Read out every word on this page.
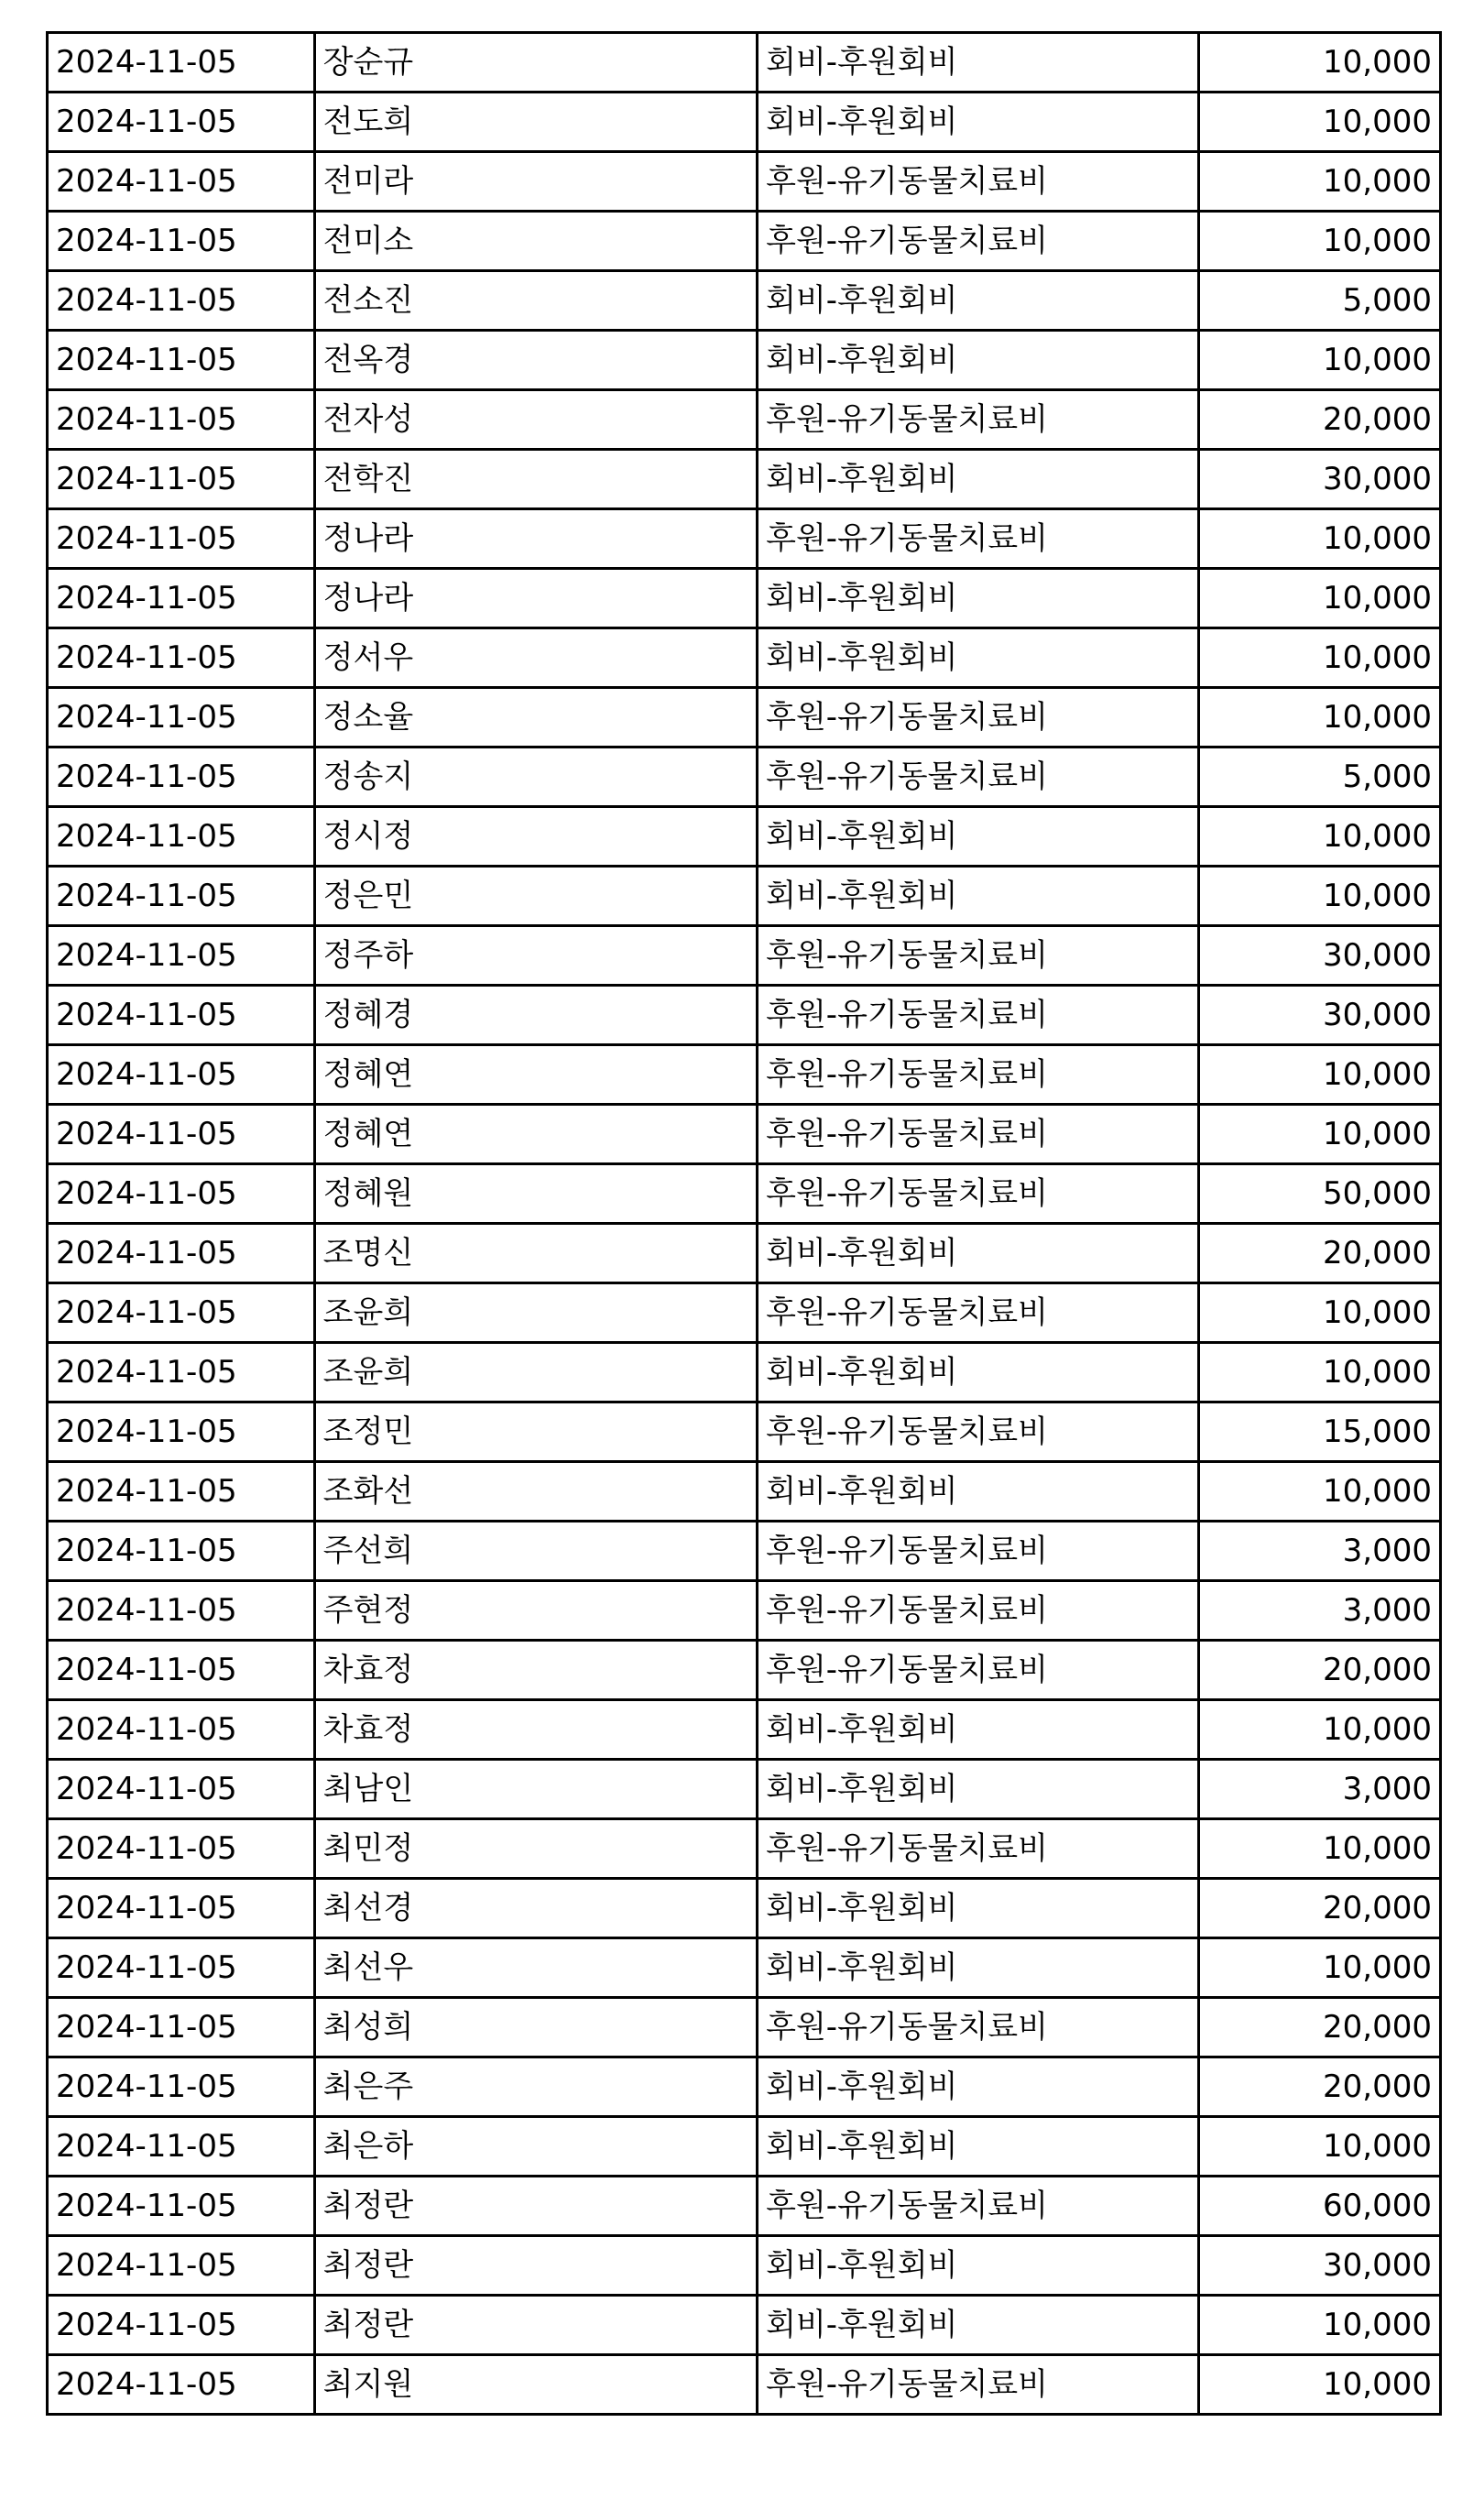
2024-11-05	장순규	회비-후원회비	10,000
2024-11-05	전도희	회비-후원회비	10,000
2024-11-05	전미라	후원-유기동물치료비	10,000
2024-11-05	전미소	후원-유기동물치료비	10,000
2024-11-05	전소진	회비-후원회비	5,000
2024-11-05	전옥경	회비-후원회비	10,000
2024-11-05	전자성	후원-유기동물치료비	20,000
2024-11-05	전학진	회비-후원회비	30,000
2024-11-05	정나라	후원-유기동물치료비	10,000
2024-11-05	정나라	회비-후원회비	10,000
2024-11-05	정서우	회비-후원회비	10,000
2024-11-05	정소율	후원-유기동물치료비	10,000
2024-11-05	정송지	후원-유기동물치료비	5,000
2024-11-05	정시정	회비-후원회비	10,000
2024-11-05	정은민	회비-후원회비	10,000
2024-11-05	정주하	후원-유기동물치료비	30,000
2024-11-05	정혜경	후원-유기동물치료비	30,000
2024-11-05	정혜연	후원-유기동물치료비	10,000
2024-11-05	정혜연	후원-유기동물치료비	10,000
2024-11-05	정혜원	후원-유기동물치료비	50,000
2024-11-05	조명신	회비-후원회비	20,000
2024-11-05	조윤희	후원-유기동물치료비	10,000
2024-11-05	조윤희	회비-후원회비	10,000
2024-11-05	조정민	후원-유기동물치료비	15,000
2024-11-05	조화선	회비-후원회비	10,000
2024-11-05	주선희	후원-유기동물치료비	3,000
2024-11-05	주현정	후원-유기동물치료비	3,000
2024-11-05	차효정	후원-유기동물치료비	20,000
2024-11-05	차효정	회비-후원회비	10,000
2024-11-05	최남인	회비-후원회비	3,000
2024-11-05	최민정	후원-유기동물치료비	10,000
2024-11-05	최선경	회비-후원회비	20,000
2024-11-05	최선우	회비-후원회비	10,000
2024-11-05	최성희	후원-유기동물치료비	20,000
2024-11-05	최은주	회비-후원회비	20,000
2024-11-05	최은하	회비-후원회비	10,000
2024-11-05	최정란	후원-유기동물치료비	60,000
2024-11-05	최정란	회비-후원회비	30,000
2024-11-05	최정란	회비-후원회비	10,000
2024-11-05	최지원	후원-유기동물치료비	10,000
